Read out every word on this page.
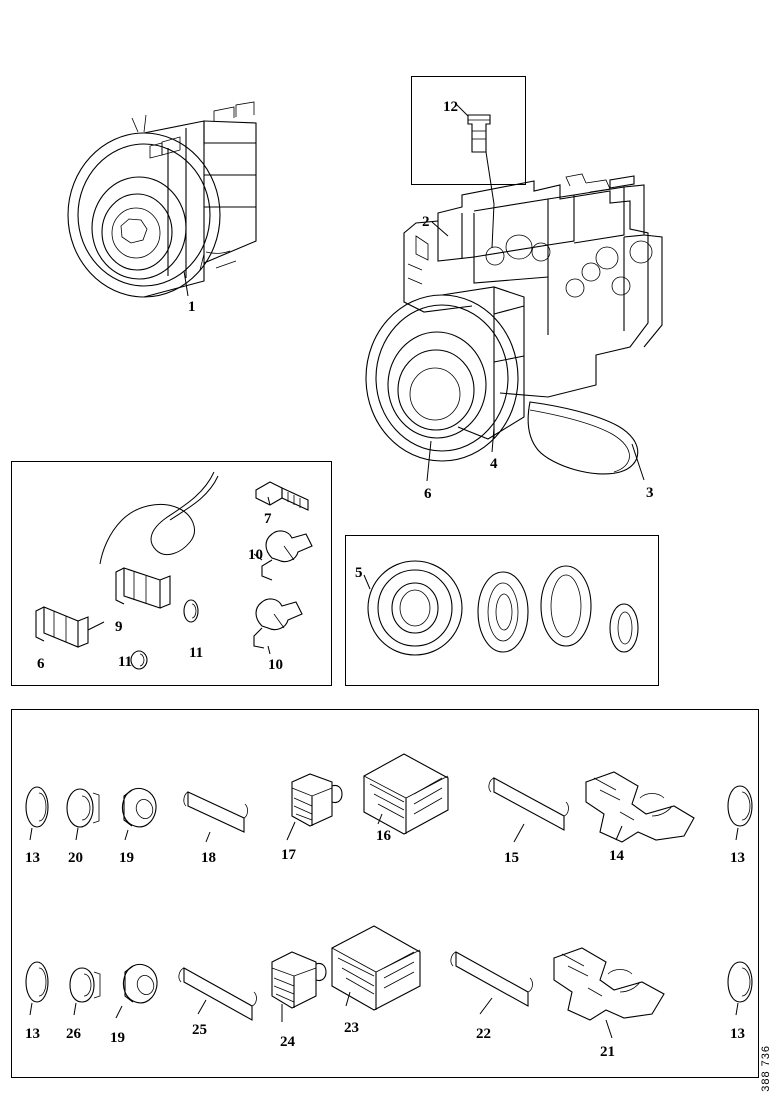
1
2
3
4
5
6
6
7
9
10
10
11
11
12
13	13
13	13
14
15
16
17
18
19
19
20
21
22
23
24
25
26
388 736
